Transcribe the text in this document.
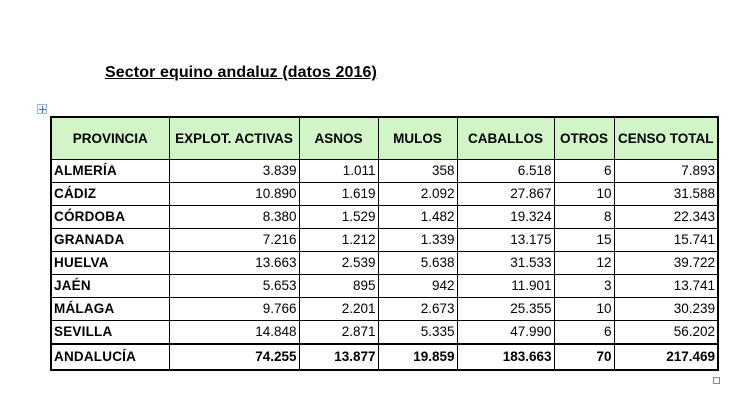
Sector equino andaluz (datos 2016)
PROVINCIA	EXPLOT. ACTIVAS	ASNOS	MULOS	CABALLOS	OTROS	CENSO TOTAL
ALMERÍA	3.839	1.011	358	6.518	6	7.893
CÁDIZ	10.890	1.619	2.092	27.867	10	31.588
CÓRDOBA	8.380	1.529	1.482	19.324	8	22.343
GRANADA	7.216	1.212	1.339	13.175	15	15.741
HUELVA	13.663	2.539	5.638	31.533	12	39.722
JAÉN	5.653	895	942	11.901	3	13.741
MÁLAGA	9.766	2.201	2.673	25.355	10	30.239
SEVILLA	14.848	2.871	5.335	47.990	6	56.202
ANDALUCÍA	74.255	13.877	19.859	183.663	70	217.469
